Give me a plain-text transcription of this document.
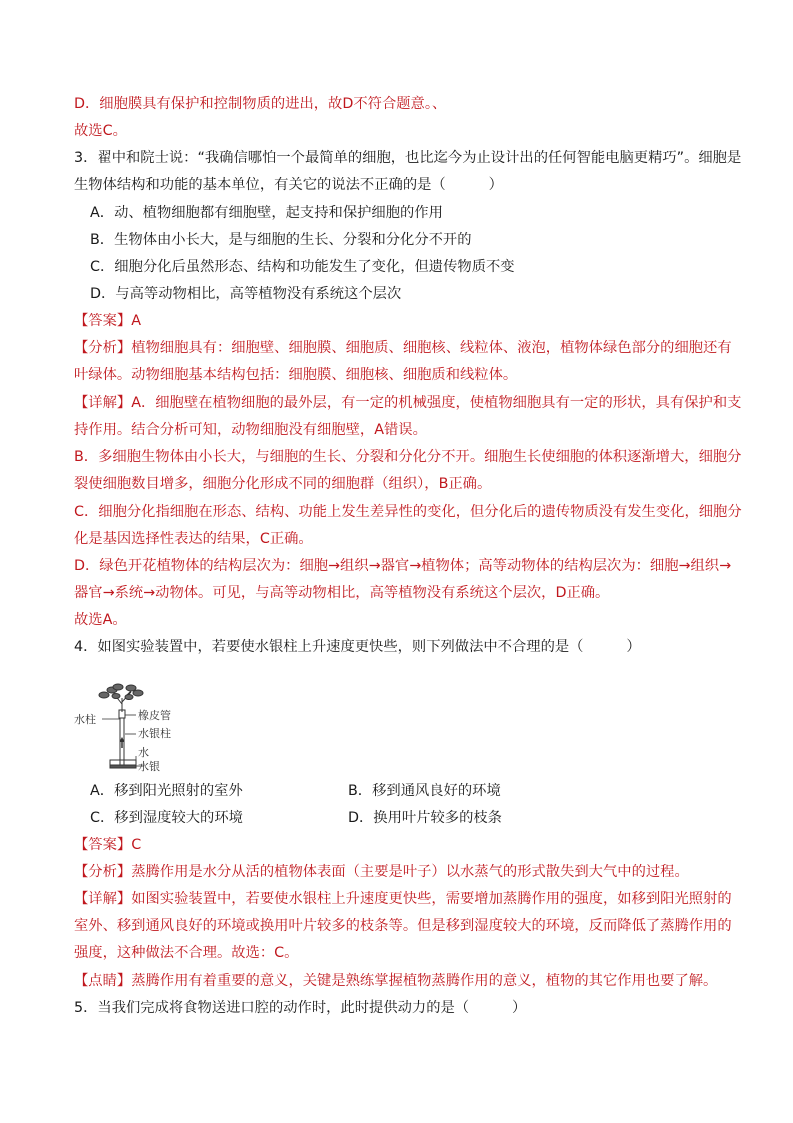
D．细胞膜具有保护和控制物质的进出，故D不符合题意。、
故选C。
3．翟中和院士说：“我确信哪怕一个最简单的细胞，也比迄今为止设计出的任何智能电脑更精巧”。细胞是
生物体结构和功能的基本单位，有关它的说法不正确的是（　　　）
A．动、植物细胞都有细胞壁，起支持和保护细胞的作用
B．生物体由小长大，是与细胞的生长、分裂和分化分不开的
C．细胞分化后虽然形态、结构和功能发生了变化，但遗传物质不变
D．与高等动物相比，高等植物没有系统这个层次
【答案】A
【分析】植物细胞具有：细胞壁、细胞膜、细胞质、细胞核、线粒体、液泡，植物体绿色部分的细胞还有
叶绿体。动物细胞基本结构包括：细胞膜、细胞核、细胞质和线粒体。
【详解】A．细胞壁在植物细胞的最外层，有一定的机械强度，使植物细胞具有一定的形状，具有保护和支
持作用。结合分析可知，动物细胞没有细胞壁，A错误。
B．多细胞生物体由小长大，与细胞的生长、分裂和分化分不开。细胞生长使细胞的体积逐渐增大，细胞分
裂使细胞数目增多，细胞分化形成不同的细胞群（组织），B正确。
C．细胞分化指细胞在形态、结构、功能上发生差异性的变化，但分化后的遗传物质没有发生变化，细胞分
化是基因选择性表达的结果，C正确。
D．绿色开花植物体的结构层次为：细胞→组织→器官→植物体；高等动物体的结构层次为：细胞→组织→
器官→系统→动物体。可见，与高等动物相比，高等植物没有系统这个层次，D正确。
故选A。
4．如图实验装置中，若要使水银柱上升速度更快些，则下列做法中不合理的是（　　　）
水柱	橡皮管
水银柱
水
水银
A．移到阳光照射的室外	B．移到通风良好的环境
C．移到湿度较大的环境	D．换用叶片较多的枝条
【答案】C
【分析】蒸腾作用是水分从活的植物体表面（主要是叶子）以水蒸气的形式散失到大气中的过程。
【详解】如图实验装置中，若要使水银柱上升速度更快些，需要增加蒸腾作用的强度，如移到阳光照射的
室外、移到通风良好的环境或换用叶片较多的枝条等。但是移到湿度较大的环境，反而降低了蒸腾作用的
强度，这种做法不合理。故选：C。
【点睛】蒸腾作用有着重要的意义，关键是熟练掌握植物蒸腾作用的意义，植物的其它作用也要了解。
5．当我们完成将食物送进口腔的动作时，此时提供动力的是（　　　）
